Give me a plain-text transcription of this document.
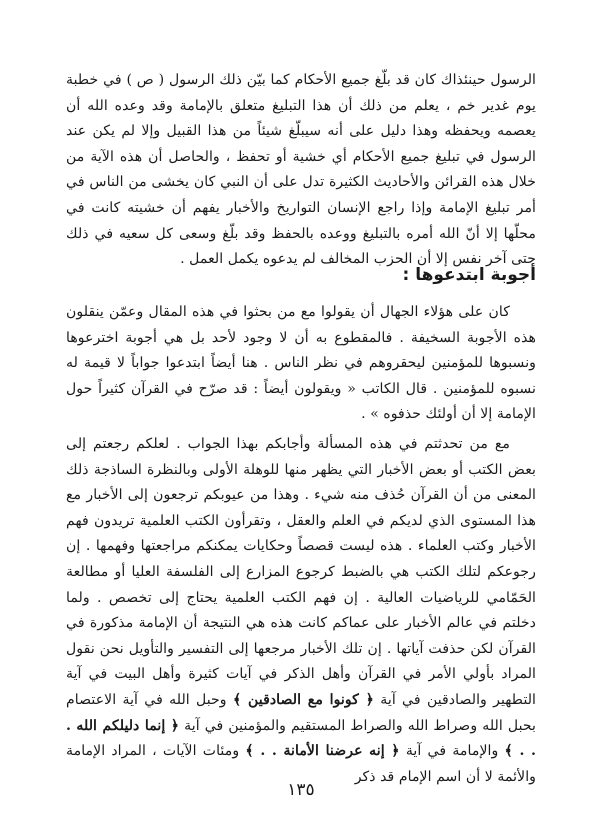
الرسول حينئذاك كان قد بلّغ جميع الأحكام كما بيّن ذلك الرسول ( ص ) في خطبة يوم غدير خم ، يعلم من ذلك أن هذا التبليغ متعلق بالإمامة وقد وعده الله أن يعصمه ويحفظه وهذا دليل على أنه سيبلّغ شيئاً من هذا القبيل وإلا لم يكن عند الرسول في تبليغ جميع الأحكام أي خشية أو تحفظ ، والحاصل أن هذه الآية من خلال هذه القرائن والأحاديث الكثيرة تدل على أن النبي كان يخشى من الناس في أمر تبليغ الإمامة وإذا راجع الإنسان التواريخ والأخبار يفهم أن خشيته كانت في محلّها إلا أنّ الله أمره بالتبليغ ووعده بالحفظ وقد بلّغ وسعى كل سعيه في ذلك حتى آخر نفس إلا أن الحزب المخالف لم يدعوه يكمل العمل .

أجوبة ابتدعوها :

كان على هؤلاء الجهال أن يقولوا مع من بحثوا في هذه المقال وعمّن ينقلون هذه الأجوبة السخيفة . فالمقطوع به أن لا وجود لأحد بل هي أجوبة اخترعوها ونسبوها للمؤمنين ليحقروهم في نظر الناس . هنا أيضاً ابتدعوا جواباً لا قيمة له نسبوه للمؤمنين . قال الكاتب « ويقولون أيضاً : قد صرّح في القرآن كثيراً حول الإمامة إلا أن أولئك حذفوه » .

مع من تحدثتم في هذه المسألة وأجابكم بهذا الجواب . لعلكم رجعتم إلى بعض الكتب أو بعض الأخبار التي يظهر منها للوهلة الأولى وبالنظرة الساذجة ذلك المعنى من أن القرآن حُذف منه شيء . وهذا من عيوبكم ترجعون إلى الأخبار مع هذا المستوى الذي لديكم في العلم والعقل ، وتقرأون الكتب العلمية تريدون فهم الأخبار وكتب العلماء . هذه ليست قصصاً وحكايات يمكنكم مراجعتها وفهمها . إن رجوعكم لتلك الكتب هي بالضبط كرجوع المزارع إلى الفلسفة العليا أو مطالعة الحَمّامي للرياضيات العالية . إن فهم الكتب العلمية يحتاج إلى تخصص . ولما دخلتم في عالم الأخبار على عماكم كانت هذه هي النتيجة أن الإمامة مذكورة في القرآن لكن حذفت آياتها . إن تلك الأخبار مرجعها إلى التفسير والتأويل نحن نقول المراد بأولي الأمر في القرآن وأهل الذكر في آيات كثيرة وأهل البيت في آية التطهير والصادقين في آية ﴿ كونوا مع الصادقين ﴾ وحبل الله في آية الاعتصام بحبل الله وصراط الله والصراط المستقيم والمؤمنين في آية ﴿ إنما دليلكم الله . . . ﴾ والإمامة في آية ﴿ إنه عرضنا الأمانة . . ﴾ ومئات الآيات ، المراد الإمامة والأئمة لا أن اسم الإمام قد ذكر

١٣٥
